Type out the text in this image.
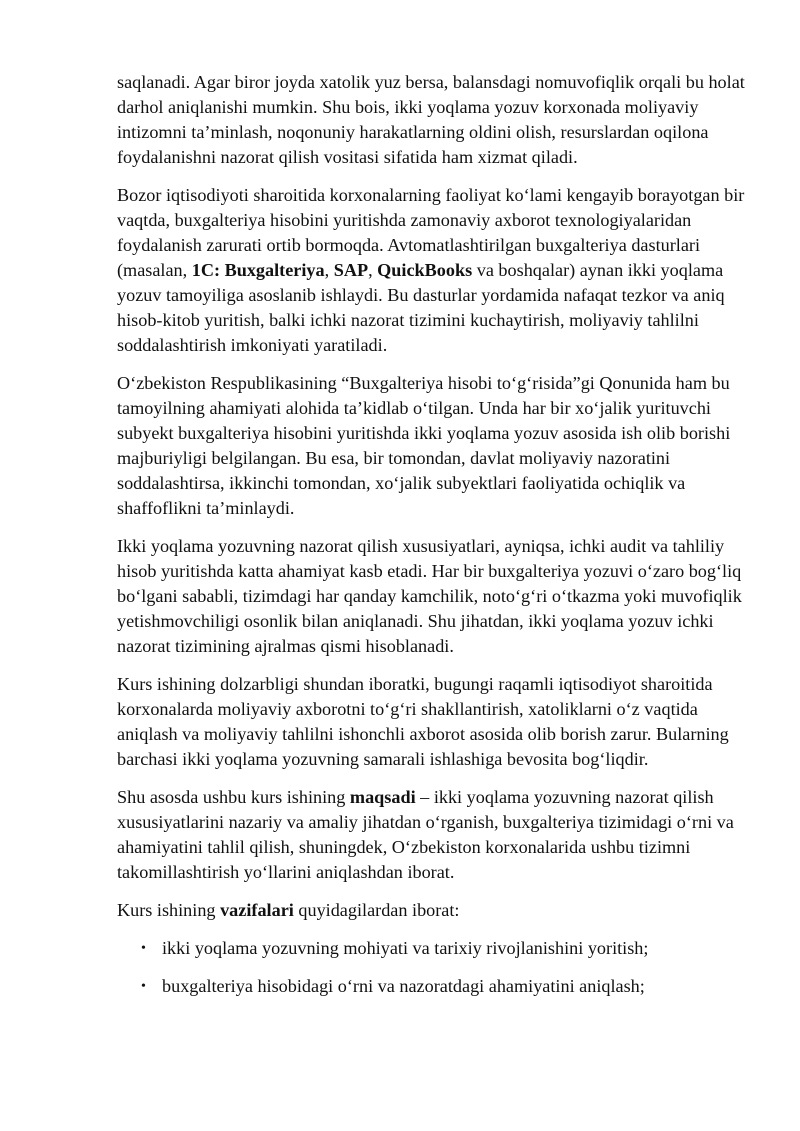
saqlanadi. Agar biror joyda xatolik yuz bersa, balansdagi nomuvofiqlik orqali bu holat darhol aniqlanishi mumkin. Shu bois, ikki yoqlama yozuv korxonada moliyaviy intizomni ta’minlash, noqonuniy harakatlarning oldini olish, resurslardan oqilona foydalanishni nazorat qilish vositasi sifatida ham xizmat qiladi.

Bozor iqtisodiyoti sharoitida korxonalarning faoliyat koʻlami kengayib borayotgan bir vaqtda, buxgalteriya hisobini yuritishda zamonaviy axborot texnologiyalaridan foydalanish zarurati ortib bormoqda. Avtomatlashtirilgan buxgalteriya dasturlari (masalan, 1C: Buxgalteriya, SAP, QuickBooks va boshqalar) aynan ikki yoqlama yozuv tamoyiliga asoslanib ishlaydi. Bu dasturlar yordamida nafaqat tezkor va aniq hisob-kitob yuritish, balki ichki nazorat tizimini kuchaytirish, moliyaviy tahlilni soddalashtirish imkoniyati yaratiladi.

Oʻzbekiston Respublikasining “Buxgalteriya hisobi toʻgʻrisida”gi Qonunida ham bu tamoyilning ahamiyati alohida ta’kidlab oʻtilgan. Unda har bir xoʻjalik yurituvchi subyekt buxgalteriya hisobini yuritishda ikki yoqlama yozuv asosida ish olib borishi majburiyligi belgilangan. Bu esa, bir tomondan, davlat moliyaviy nazoratini soddalashtirsa, ikkinchi tomondan, xoʻjalik subyektlari faoliyatida ochiqlik va shaffoflikni ta’minlaydi.

Ikki yoqlama yozuvning nazorat qilish xususiyatlari, ayniqsa, ichki audit va tahliliy hisob yuritishda katta ahamiyat kasb etadi. Har bir buxgalteriya yozuvi oʻzaro bogʻliq boʻlgani sababli, tizimdagi har qanday kamchilik, notoʻgʻri oʻtkazma yoki muvofiqlik yetishmovchiligi osonlik bilan aniqlanadi. Shu jihatdan, ikki yoqlama yozuv ichki nazorat tizimining ajralmas qismi hisoblanadi.

Kurs ishining dolzarbligi shundan iboratki, bugungi raqamli iqtisodiyot sharoitida korxonalarda moliyaviy axborotni toʻgʻri shakllantirish, xatoliklarni oʻz vaqtida aniqlash va moliyaviy tahlilni ishonchli axborot asosida olib borish zarur. Bularning barchasi ikki yoqlama yozuvning samarali ishlashiga bevosita bogʻliqdir.

Shu asosda ushbu kurs ishining maqsadi – ikki yoqlama yozuvning nazorat qilish xususiyatlarini nazariy va amaliy jihatdan oʻrganish, buxgalteriya tizimidagi oʻrni va ahamiyatini tahlil qilish, shuningdek, Oʻzbekiston korxonalarida ushbu tizimni takomillashtirish yoʻllarini aniqlashdan iborat.

Kurs ishining vazifalari quyidagilardan iborat:

• ikki yoqlama yozuvning mohiyati va tarixiy rivojlanishini yoritish;
• buxgalteriya hisobidagi oʻrni va nazoratdagi ahamiyatini aniqlash;
